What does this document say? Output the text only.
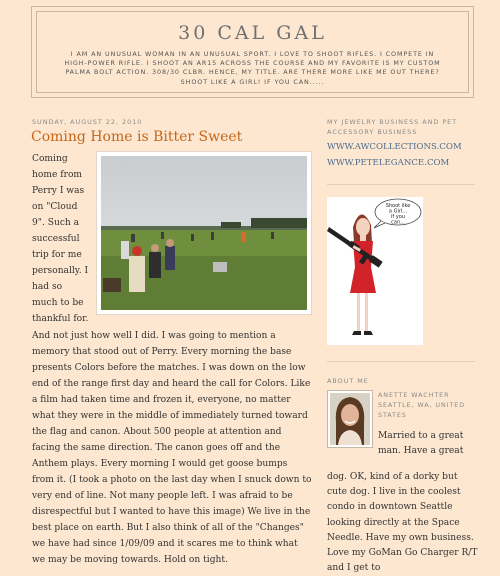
30 CAL GAL
I AM AN UNUSUAL WOMAN IN AN UNUSUAL SPORT. I LOVE TO SHOOT RIFLES. I COMPETE IN HIGH-POWER RIFLE. I SHOOT AN AR15 ACROSS THE COURSE AND MY FAVORITE IS MY CUSTOM PALMA BOLT ACTION. 308/30 CLBR. HENCE, MY TITLE. ARE THERE MORE LIKE ME OUT THERE? SHOOT LIKE A GIRL! IF YOU CAN.....
SUNDAY, AUGUST 22, 2010
Coming Home is Bitter Sweet

Coming home from Perry I was on "Cloud 9". Such a successful trip for me personally. I had so much to be thankful for. And not just how well I did. I was going to mention a memory that stood out of Perry. Every morning the base presents Colors before the matches. I was down on the low end of the range first day and heard the call for Colors. Like a film had taken time and frozen it, everyone, no matter what they were in the middle of immediately turned toward the flag and canon. About 500 people at attention and facing the same direction. The canon goes off and the Anthem plays. Every morning I would get goose bumps from it. (I took a photo on the last day when I snuck down to very end of line. Not many people left. I was afraid to be disrespectful but I wanted to have this image) We live in the best place on earth. But I also think of all of the "Changes" we have had since 1/09/09 and it scares me to think what we may be moving towards. Hold on tight.

MY JEWELRY BUSINESS AND PET ACCESSORY BUSINESS
WWW.AWCOLLECTIONS.COM
WWW.PETELEGANCE.COM
Shoot like
a Girl...
if you
can...
ABOUT ME
ANETTE WACHTER
SEATTLE, WA, UNITED STATES
Married to a great man. Have a great
dog. OK, kind of a dorky but cute dog. I live in the coolest condo in downtown Seattle looking directly at the Space Needle. Have my own business. Love my GoMan Go Charger R/T and I get to
